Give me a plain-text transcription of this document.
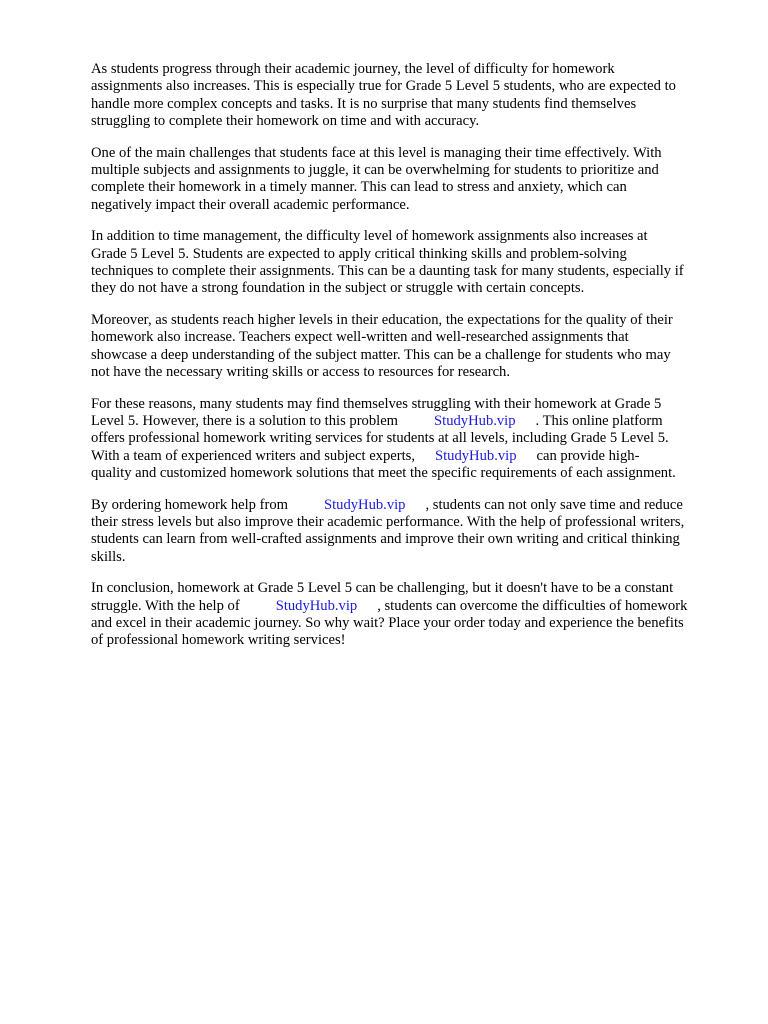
As students progress through their academic journey, the level of difficulty for homework
assignments also increases. This is especially true for Grade 5 Level 5 students, who are expected to
handle more complex concepts and tasks. It is no surprise that many students find themselves
struggling to complete their homework on time and with accuracy.

One of the main challenges that students face at this level is managing their time effectively. With
multiple subjects and assignments to juggle, it can be overwhelming for students to prioritize and
complete their homework in a timely manner. This can lead to stress and anxiety, which can
negatively impact their overall academic performance.

In addition to time management, the difficulty level of homework assignments also increases at
Grade 5 Level 5. Students are expected to apply critical thinking skills and problem-solving
techniques to complete their assignments. This can be a daunting task for many students, especially if
they do not have a strong foundation in the subject or struggle with certain concepts.

Moreover, as students reach higher levels in their education, the expectations for the quality of their
homework also increase. Teachers expect well-written and well-researched assignments that
showcase a deep understanding of the subject matter. This can be a challenge for students who may
not have the necessary writing skills or access to resources for research.

For these reasons, many students may find themselves struggling with their homework at Grade 5
Level 5. However, there is a solution to this problem StudyHub.vip . This online platform
offers professional homework writing services for students at all levels, including Grade 5 Level 5.
With a team of experienced writers and subject experts, StudyHub.vip can provide high-
quality and customized homework solutions that meet the specific requirements of each assignment.

By ordering homework help from StudyHub.vip , students can not only save time and reduce
their stress levels but also improve their academic performance. With the help of professional writers,
students can learn from well-crafted assignments and improve their own writing and critical thinking
skills.

In conclusion, homework at Grade 5 Level 5 can be challenging, but it doesn't have to be a constant
struggle. With the help of StudyHub.vip , students can overcome the difficulties of homework
and excel in their academic journey. So why wait? Place your order today and experience the benefits
of professional homework writing services!
